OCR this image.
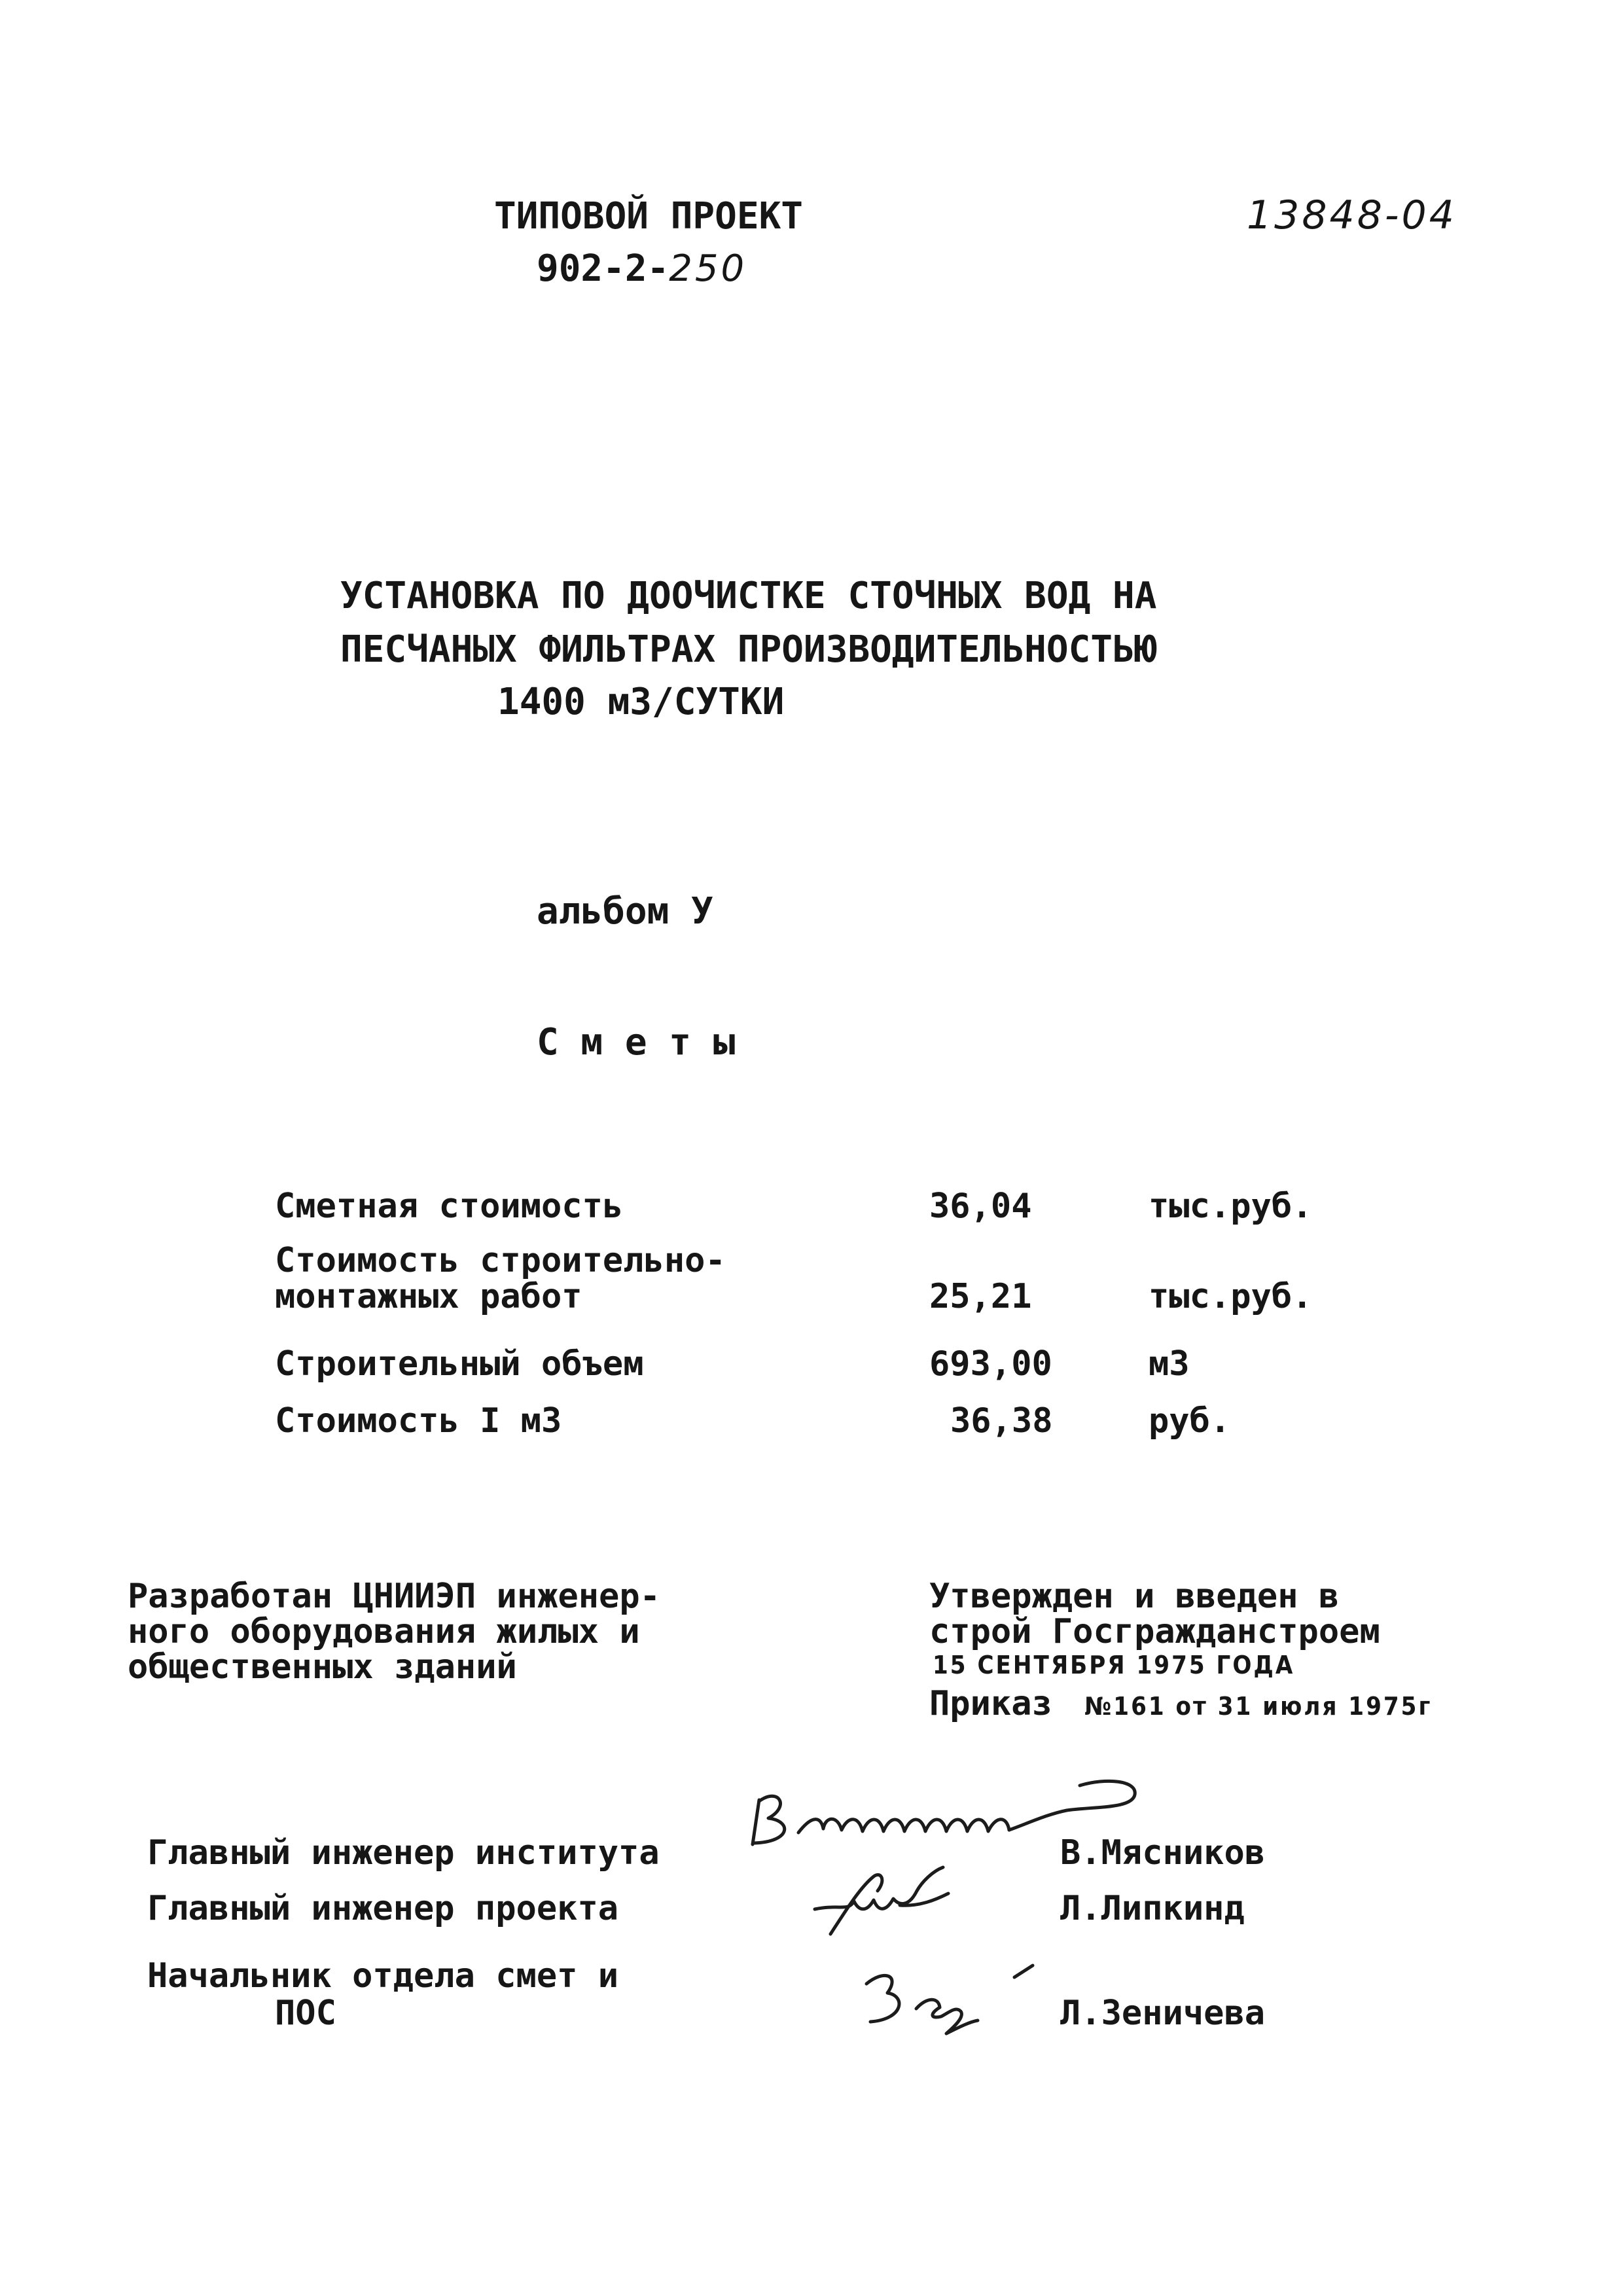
ТИПОВОЙ ПРОЕКТ
902-2-250
13848-04
УСТАНОВКА ПО ДООЧИСТКЕ СТОЧНЫХ ВОД НА
ПЕСЧАНЫХ ФИЛЬТРАХ ПРОИЗВОДИТЕЛЬНОСТЬЮ
1400 м3/СУТКИ
альбом У
С м е т ы
Сметная стоимость	36,04	тыс.руб.
Стоимость строительно-
монтажных работ	25,21	тыс.руб.
Строительный объем	693,00	м3
Стоимость I м3	36,38	руб.
Разработан ЦНИИЭП инженер-
ного оборудования жилых и
общественных зданий
Утвержден и введен в
строй Госгражданстроем
15 СЕНТЯБРЯ 1975 ГОДА
Приказ №161 от 31 июля 1975г
Главный инженер института	В.Мясников
Главный инженер проекта	Л.Липкинд
Начальник отдела смет и
ПОС	Л.Зеничева
